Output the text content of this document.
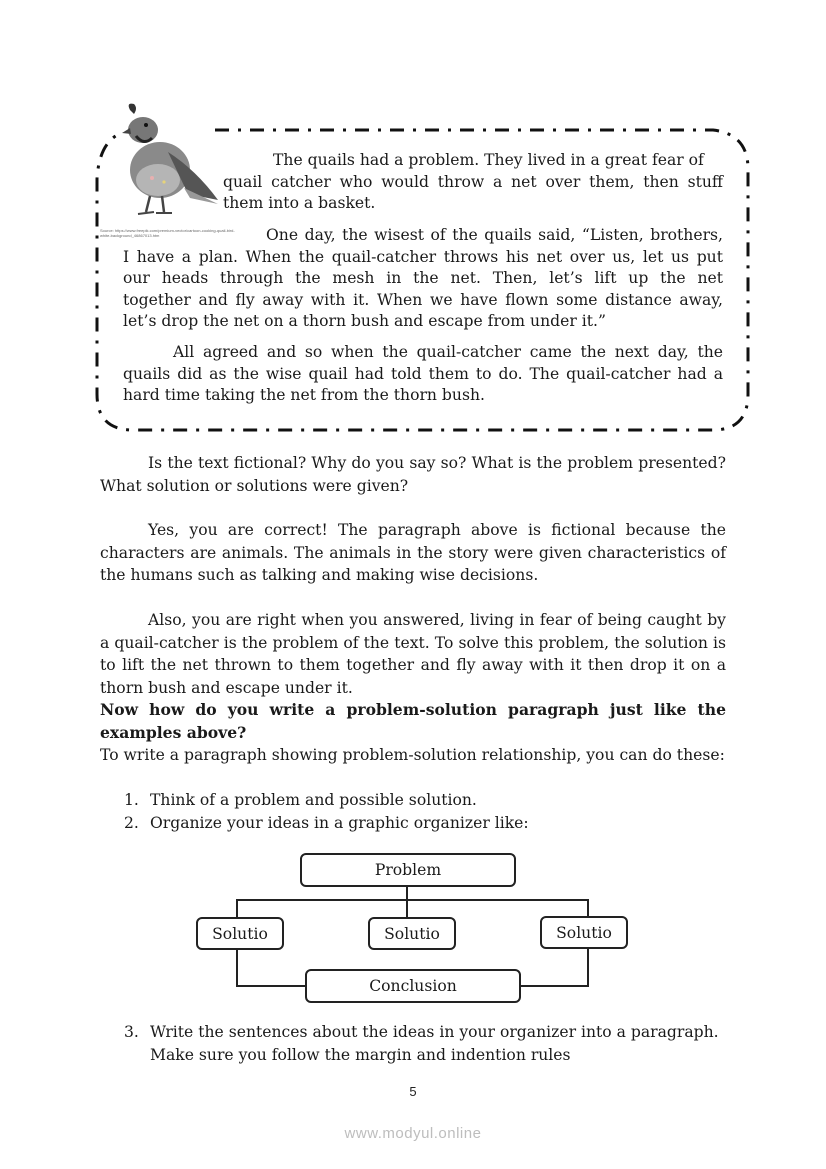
Source: https://www.freepik.com/premium-vector/cartoon-cooking-quail-bird-white-background_46867013.htm
The quails had a problem. They lived in a great fear of
quail catcher who would throw a net over them, then stuff
them into a basket.
One day, the wisest of the quails said, “Listen, brothers,
I have a plan. When the quail-catcher throws his net over us, let us put
our heads through the mesh in the net. Then, let’s lift up the net
together and fly away with it. When we have flown some distance away,
let’s drop the net on a thorn bush and escape from under it.”
All agreed and so when the quail-catcher came the next day, the quails did as the wise quail had told them to do. The quail-catcher had a hard time taking the net from the thorn bush.
Is the text fictional? Why do you say so? What is the problem presented? What solution or solutions were given?
Yes, you are correct! The paragraph above is fictional because the characters are animals. The animals in the story were given characteristics of the humans such as talking and making wise decisions.
Also, you are right when you answered, living in fear of being caught by a quail-catcher is the problem of the text. To solve this problem, the solution is to lift the net thrown to them together and fly away with it then drop it on a thorn bush and escape under it.
Now how do you write a problem-solution paragraph just like the examples above?
To write a paragraph showing problem-solution relationship, you can do these:
1. Think of a problem and possible solution.
2. Organize your ideas in a graphic organizer like:
Problem
Solutio	Solutio	Solutio
Conclusion
3. Write the sentences about the ideas in your organizer into a paragraph. Make sure you follow the margin and indention rules
5
www.modyul.online
